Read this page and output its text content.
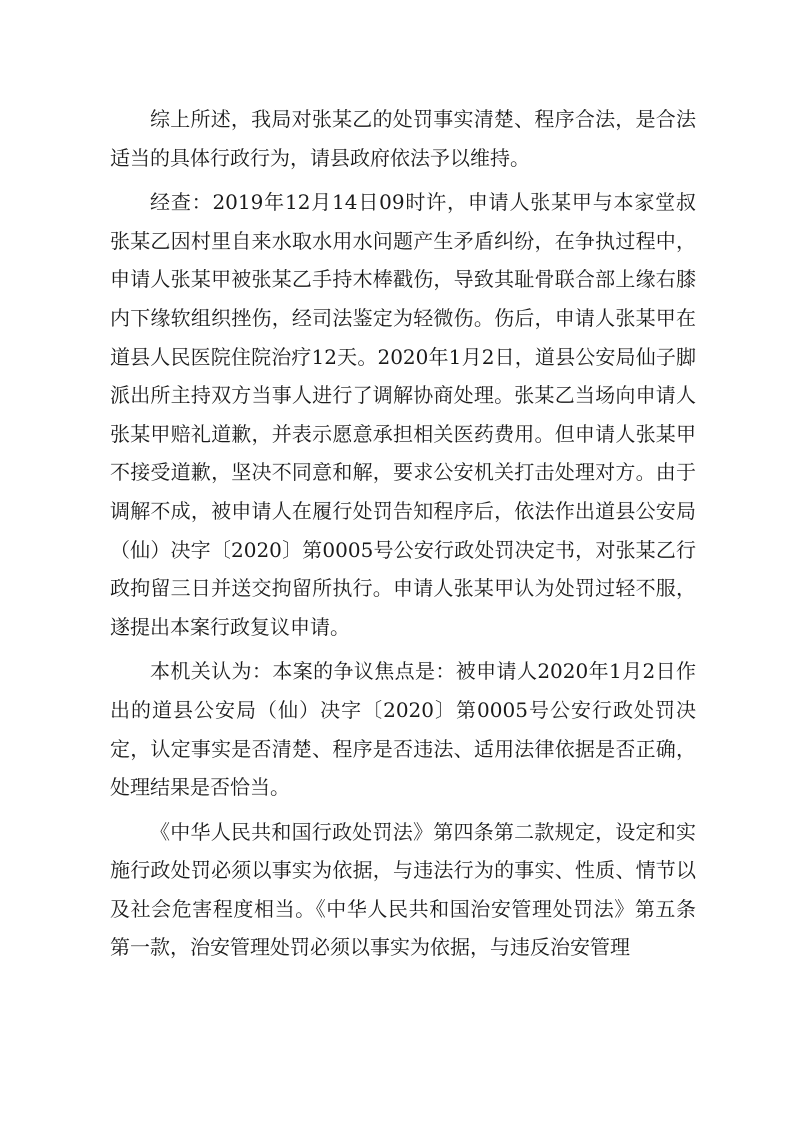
综上所述，我局对张某乙的处罚事实清楚、程序合法，是合法适当的具体行政行为，请县政府依法予以维持。

经查：2019年12月14日09时许，申请人张某甲与本家堂叔张某乙因村里自来水取水用水问题产生矛盾纠纷，在争执过程中，申请人张某甲被张某乙手持木棒戳伤，导致其耻骨联合部上缘右膝内下缘软组织挫伤，经司法鉴定为轻微伤。伤后，申请人张某甲在道县人民医院住院治疗12天。2020年1月2日，道县公安局仙子脚派出所主持双方当事人进行了调解协商处理。张某乙当场向申请人张某甲赔礼道歉，并表示愿意承担相关医药费用。但申请人张某甲不接受道歉，坚决不同意和解，要求公安机关打击处理对方。由于调解不成，被申请人在履行处罚告知程序后，依法作出道县公安局（仙）决字〔2020〕第0005号公安行政处罚决定书，对张某乙行政拘留三日并送交拘留所执行。申请人张某甲认为处罚过轻不服，遂提出本案行政复议申请。

本机关认为：本案的争议焦点是：被申请人2020年1月2日作出的道县公安局（仙）决字〔2020〕第0005号公安行政处罚决定，认定事实是否清楚、程序是否违法、适用法律依据是否正确，处理结果是否恰当。

《中华人民共和国行政处罚法》第四条第二款规定，设定和实施行政处罚必须以事实为依据，与违法行为的事实、性质、情节以及社会危害程度相当。《中华人民共和国治安管理处罚法》第五条第一款，治安管理处罚必须以事实为依据，与违反治安管理
